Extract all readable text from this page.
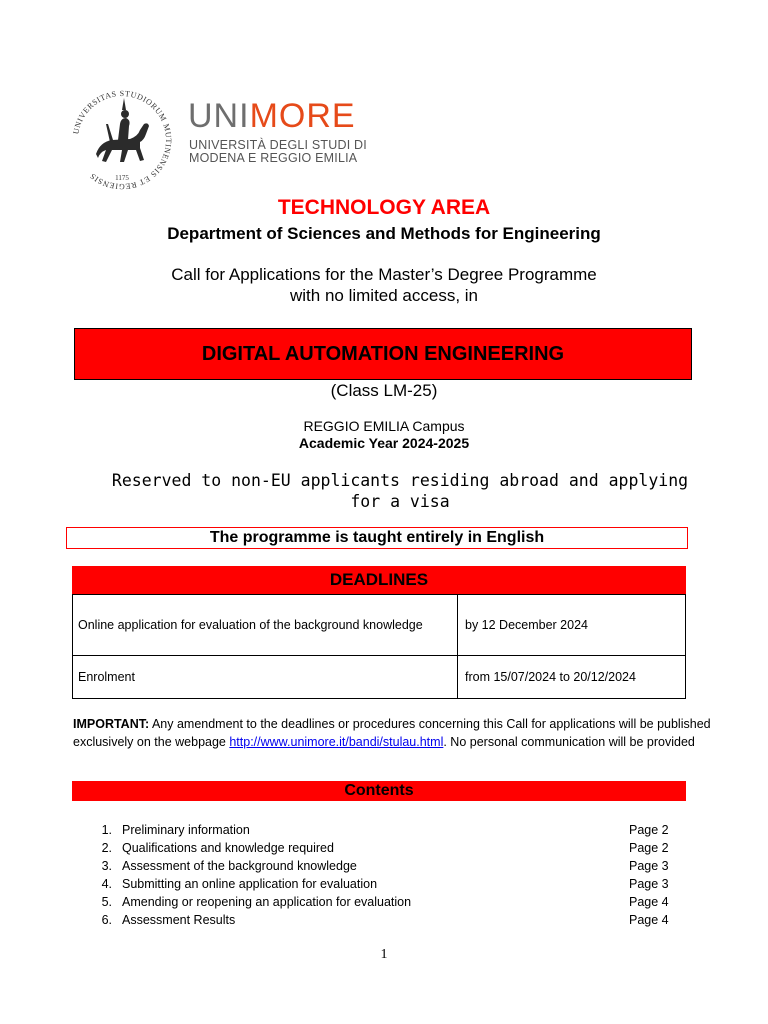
UNIVERSITAS STUDIORUM MUTINENSIS ET REGIENSIS	1175
UNIMORE
UNIVERSITÀ DEGLI STUDI DI
MODENA E REGGIO EMILIA
TECHNOLOGY AREA
Department of Sciences and Methods for Engineering
Call for Applications for the Master’s Degree Programme
with no limited access, in
DIGITAL AUTOMATION ENGINEERING
(Class LM-25)
REGGIO EMILIA Campus
Academic Year 2024-2025
Reserved to non-EU applicants residing abroad and applying for a visa
The programme is taught entirely in English
DEADLINES
Online application for evaluation of the background knowledge	by 12 December 2024
Enrolment	from 15/07/2024 to 20/12/2024
IMPORTANT: Any amendment to the deadlines or procedures concerning this Call for applications will be published exclusively on the webpage http://www.unimore.it/bandi/stulau.html. No personal communication will be provided
Contents
1. Preliminary information	Page 2
2. Qualifications and knowledge required	Page 2
3. Assessment of the background knowledge	Page 3
4. Submitting an online application for evaluation	Page 3
5. Amending or reopening an application for evaluation	Page 4
6. Assessment Results	Page 4
1
